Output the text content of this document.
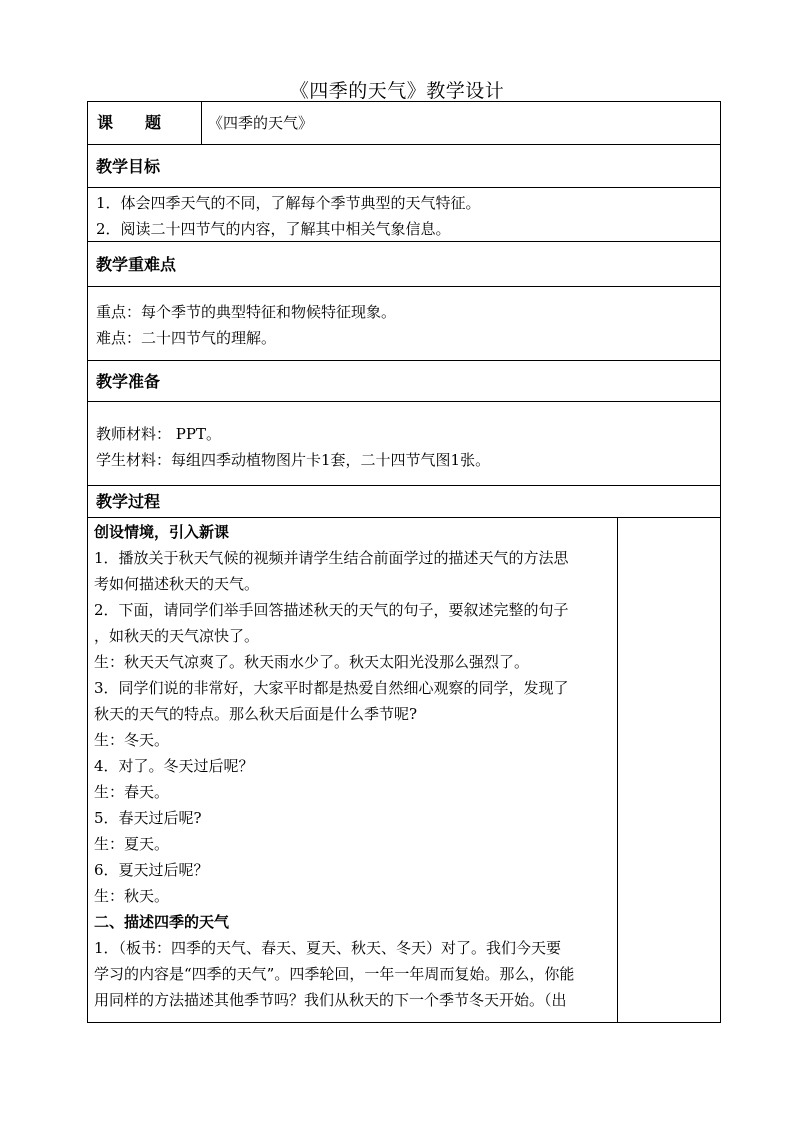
《四季的天气》教学设计
课　　题	《四季的天气》
教学目标

1．体会四季天气的不同，了解每个季节典型的天气特征。

2．阅读二十四节气的内容，了解其中相关气象信息。

教学重难点

重点：每个季节的典型特征和物候特征现象。

难点：二十四节气的理解。

教学准备

教师材料： PPT。

学生材料：每组四季动植物图片卡1套，二十四节气图1张。

教学过程

创设情境，引入新课

1．播放关于秋天气候的视频并请学生结合前面学过的描述天气的方法思

考如何描述秋天的天气。

2．下面，请同学们举手回答描述秋天的天气的句子，要叙述完整的句子

，如秋天的天气凉快了。

生：秋天天气凉爽了。秋天雨水少了。秋天太阳光没那么强烈了。

3．同学们说的非常好，大家平时都是热爱自然细心观察的同学，发现了

秋天的天气的特点。那么秋天后面是什么季节呢?

生：冬天。

4．对了。冬天过后呢？

生：春天。

5．春天过后呢?

生：夏天。

6．夏天过后呢？

生：秋天。

二、描述四季的天气

1．（板书：四季的天气、春天、夏天、秋天、冬天）对了。我们今天要

学习的内容是“四季的天气”。四季轮回，一年一年周而复始。那么，你能

用同样的方法描述其他季节吗？我们从秋天的下一个季节冬天开始。（出
